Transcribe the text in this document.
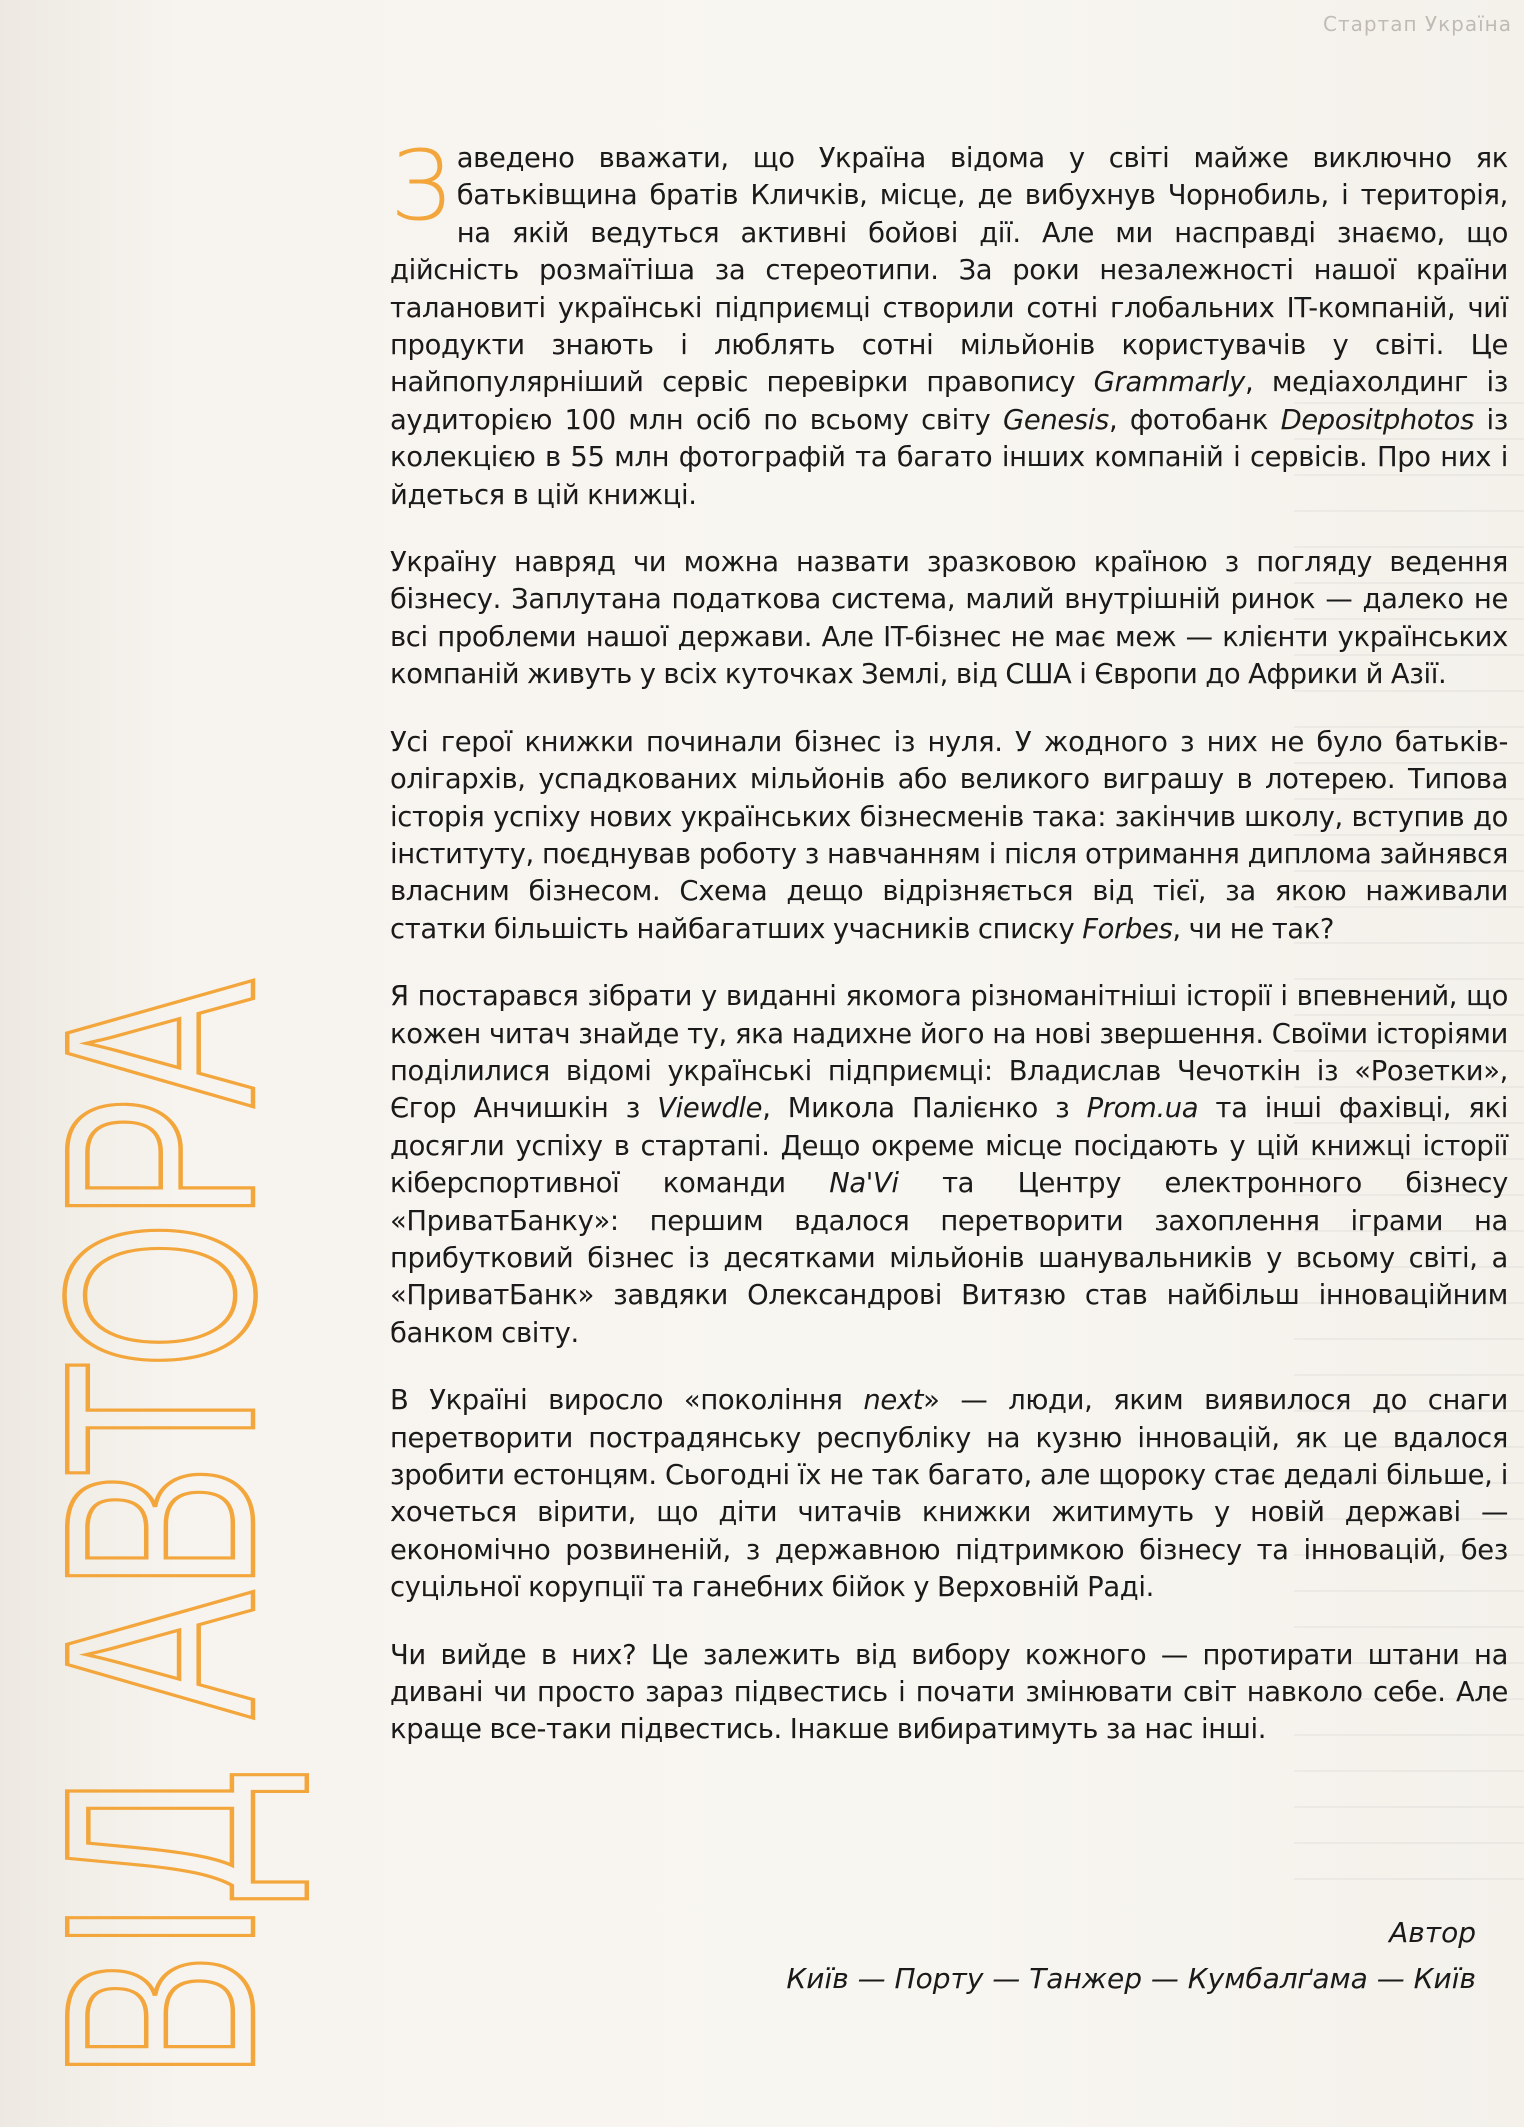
Стартап Україна
ВІД АВТОРА

Заведено вважати, що Україна відома у світі майже виключно як батьківщина братів Кличків, місце, де вибухнув Чорнобиль, і територія, на якій ведуться активні бойові дії. Але ми насправді знаємо, що дійсність розмаїтіша за стереотипи. За роки незалежності нашої країни талановиті українські підприємці створили сотні глобальних IT-компаній, чиї продукти знають і люблять сотні мільйонів користувачів у світі. Це найпопулярніший сервіс перевірки правопису Grammarly, медіахолдинг із аудиторією 100 млн осіб по всьому світу Genesis, фотобанк Depositphotos із колекцією в 55 млн фотографій та багато інших компаній і сервісів. Про них і йдеться в цій книжці.

Україну навряд чи можна назвати зразковою країною з погляду ведення бізнесу. Заплутана податкова система, малий внутрішній ринок — далеко не всі проблеми нашої держави. Але IT-бізнес не має меж — клієнти українських компаній живуть у всіх куточках Землі, від США і Європи до Африки й Азії.

Усі герої книжки починали бізнес із нуля. У жодного з них не було батьків-олігархів, успадкованих мільйонів або великого виграшу в лотерею. Типова історія успіху нових українських бізнесменів така: закінчив школу, вступив до інституту, поєднував роботу з навчанням і після отримання диплома зайнявся власним бізнесом. Схема дещо відрізняється від тієї, за якою наживали статки більшість найбагатших учасників списку Forbes, чи не так?

Я постарався зібрати у виданні якомога різноманітніші історії і впевнений, що кожен читач знайде ту, яка надихне його на нові звершення. Своїми історіями поділилися відомі українські підприємці: Владислав Чечоткін із «Розетки», Єгор Анчишкін з Viewdle, Микола Палієнко з Prom.ua та інші фахівці, які досягли успіху в стартапі. Дещо окреме місце посідають у цій книжці історії кіберспортивної команди Na'Vi та Центру електронного бізнесу «ПриватБанку»: першим вдалося перетворити захоплення іграми на прибутковий бізнес із десятками мільйонів шанувальників у всьому світі, а «ПриватБанк» завдяки Олександрові Витязю став найбільш інноваційним банком світу.

В Україні виросло «покоління next» — люди, яким виявилося до снаги перетворити пострадянську республіку на кузню інновацій, як це вдалося зробити естонцям. Сьогодні їх не так багато, але щороку стає дедалі більше, і хочеться вірити, що діти читачів книжки житимуть у новій державі — економічно розвиненій, з державною підтримкою бізнесу та інновацій, без суцільної корупції та ганебних бійок у Верховній Раді.

Чи вийде в них? Це залежить від вибору кожного — протирати штани на дивані чи просто зараз підвестись і почати змінювати світ навколо себе. Але краще все-таки підвестись. Інакше вибиратимуть за нас інші.

Автор
Київ — Порту — Танжер — Кумбалґама — Київ
